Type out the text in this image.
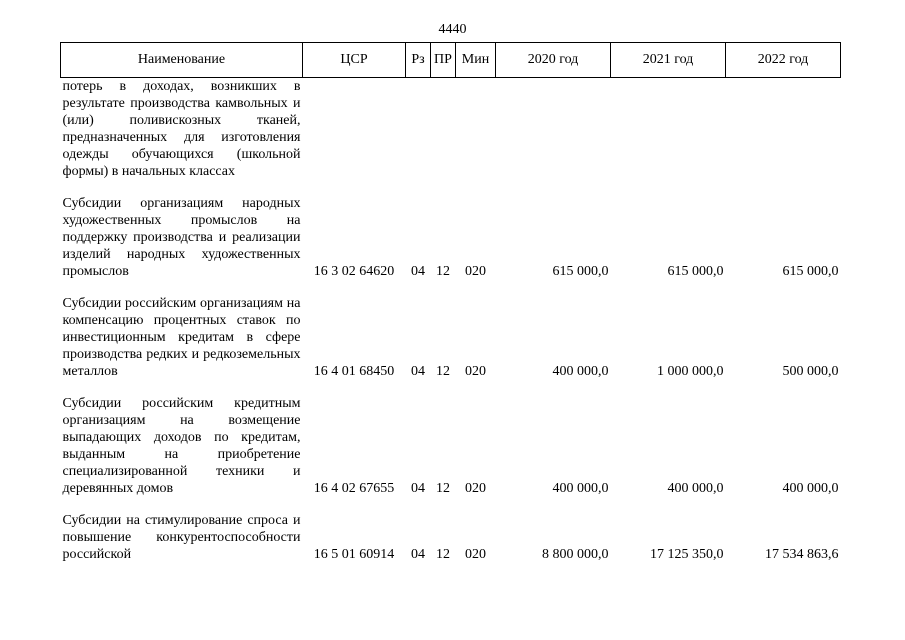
4440
Наименование	ЦСР	Рз	ПР	Мин	2020 год	2021 год	2022 год
потерь в доходах, возникших в результате производства камвольных и (или) поливискозных тканей, предназначенных для изготовления одежды обучающихся (школьной формы) в начальных классах							

Субсидии организациям народных художественных промыслов на поддержку производства и реализации изделий народных художественных промыслов	16 3 02 64620	04	12	020	615 000,0	615 000,0	615 000,0

Субсидии российским организациям на компенсацию процентных ставок по инвестиционным кредитам в сфере производства редких и редкоземельных металлов	16 4 01 68450	04	12	020	400 000,0	1 000 000,0	500 000,0

Субсидии российским кредитным организациям на возмещение выпадающих доходов по кредитам, выданным на приобретение специализированной техники и деревянных домов	16 4 02 67655	04	12	020	400 000,0	400 000,0	400 000,0

Субсидии на стимулирование спроса и повышение конкурентоспособности российской	16 5 01 60914	04	12	020	8 800 000,0	17 125 350,0	17 534 863,6
